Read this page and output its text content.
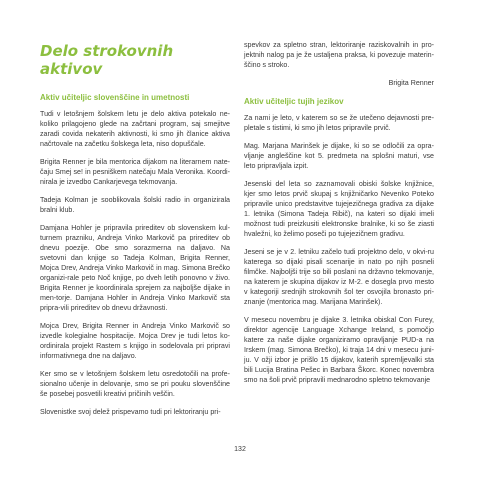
Delo strokovnih aktivov
Aktiv učiteljic slovenščine in umetnosti

Tudi v letošnjem šolskem letu je delo aktiva potekalo ne-koliko prilagojeno glede na začrtani program, saj smejitve zaradi covida nekaterih aktivnosti, ki smo jih članice aktiva načrtovale na začetku šolskega leta, niso dopuščale.

Brigita Renner je bila mentorica dijakom na literarnem nate-čaju Smej se! in pesniškem natečaju Mala Veronika. Koordi-nirala je izvedbo Cankarjevega tekmovanja.

Tadeja Kolman je sooblikovala šolski radio in organizirala bralni klub.

Damjana Hohler je pripravila prireditev ob slovenskem kul-turnem prazniku, Andreja Vinko Markovič pa prireditev ob dnevu poezije. Obe smo sorazmerna na daljavo. Na svetovni dan knjige so Tadeja Kolman, Brigita Renner, Mojca Drev, Andreja Vinko Markovič in mag. Simona Brečko organizi-rale peto Noč knjige, po dveh letih ponovno v živo. Brigita Renner je koordinirala sprejem za najboljše dijake in men-torje. Damjana Hohler in Andreja Vinko Markovič sta pripra-vili prireditev ob dnevu državnosti.

Mojca Drev, Brigita Renner in Andreja Vinko Markovič so izvedle kolegialne hospitacije. Mojca Drev je tudi letos ko-ordinirala projekt Rastem s knjigo in sodelovala pri pripravi informativnega dne na daljavo.

Ker smo se v letošnjem šolskem letu osredotočili na profe-sionalno učenje in delovanje, smo se pri pouku slovenščine še posebej posvetili kreativi pričinih veščin.

Slovenistke svoj delež prispevamo tudi pri lektoriranju pri-

spevkov za spletno stran, lektoriranje raziskovalnih in pro-jektnih nalog pa je že ustaljena praksa, ki povezuje materin-ščino s stroko.

Brigita Renner
Aktiv učiteljic tujih jezikov

Za nami je leto, v katerem so se že utečeno dejavnosti pre-pletale s tistimi, ki smo jih letos pripravile prvič.

Mag. Marjana Marinšek je dijake, ki so se odločili za opra-vljanje angleščine kot 5. predmeta na splošni maturi, vse leto pripravljala izpit.

Jesenski del leta so zaznamovali obiski šolske knjižnice, kjer smo letos prvič skupaj s knjižničarko Nevenko Poteko pripravile unico predstavitve tujejezičnega gradiva za dijake 1. letnika (Simona Tadeja Ribič), na kateri so dijaki imeli možnost tudi preizkusiti elektronske bralnike, ki so še ziasti hvaležni, ko želimo poseči po tujejezičnem gradivu.

Jeseni se je v 2. letniku začelo tudi projektno delo, v okvi-ru katerega so dijaki pisali scenarije in nato po njih posneli filmčke. Najboljši trije so bili poslani na državno tekmovanje, na katerem je skupina dijakov iz M-2. e dosegla prvo mesto v kategoriji srednjih strokovnih šol ter osvojila bronasto pri-znanje (mentorica mag. Marijana Marinšek).

V mesecu novembru je dijake 3. letnika obiskal Con Furey, direktor agencije Language Xchange Ireland, s pomočjo katere za naše dijake organiziramo opravljanje PUD-a na Irskem (mag. Simona Brečko), ki traja 14 dni v mesecu juni-ju. V ožji izbor je prišlo 15 dijakov, katerih spremljevalki sta bili Lucija Bratina Pešec in Barbara Škorc. Konec novembra smo na šoli prvič pripravili mednarodno spletno tekmovanje

132
